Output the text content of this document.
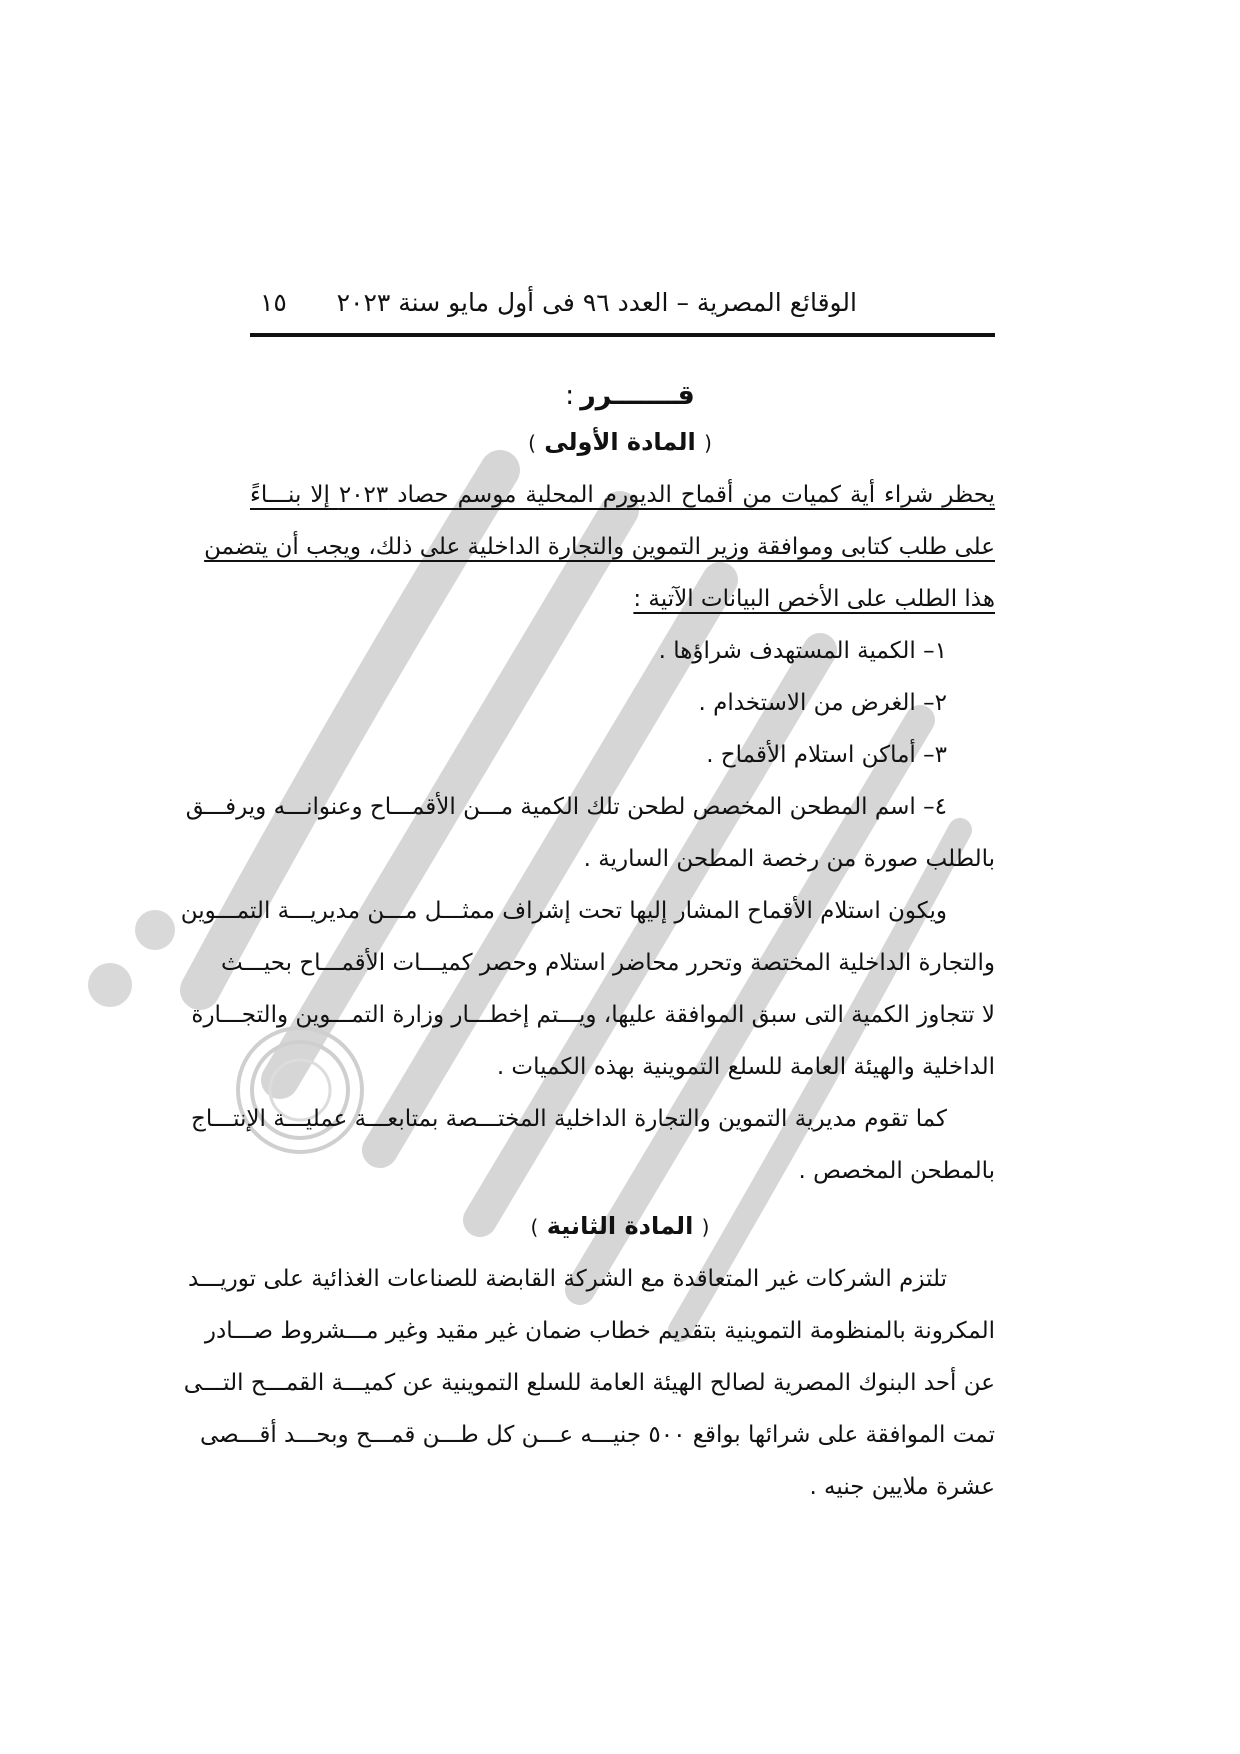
الوقائع المصرية – العدد ٩٦ فى أول مايو سنة ٢٠٢٣
١٥
قـــــــرر:
( المادة الأولى )
يحظر شراء أية كميات من أقماح الديورم المحلية موسم حصاد ٢٠٢٣ إلا بنـــاءً
على طلب كتابى وموافقة وزير التموين والتجارة الداخلية على ذلك، ويجب أن يتضمن
هذا الطلب على الأخص البيانات الآتية :
١– الكمية المستهدف شراؤها .
٢– الغرض من الاستخدام .
٣– أماكن استلام الأقماح .
٤– اسم المطحن المخصص لطحن تلك الكمية مـــن الأقمـــاح وعنوانـــه ويرفـــق
بالطلب صورة من رخصة المطحن السارية .
ويكون استلام الأقماح المشار إليها تحت إشراف ممثـــل مـــن مديريـــة التمـــوين
والتجارة الداخلية المختصة وتحرر محاضر استلام وحصر كميـــات الأقمـــاح بحيـــث
لا تتجاوز الكمية التى سبق الموافقة عليها، ويـــتم إخطـــار وزارة التمـــوين والتجـــارة
الداخلية والهيئة العامة للسلع التموينية بهذه الكميات .
كما تقوم مديرية التموين والتجارة الداخلية المختـــصة بمتابعـــة عمليـــة الإنتـــاج
بالمطحن المخصص .
( المادة الثانية )
تلتزم الشركات غير المتعاقدة مع الشركة القابضة للصناعات الغذائية على توريـــد
المكرونة بالمنظومة التموينية بتقديم خطاب ضمان غير مقيد وغير مـــشروط صـــادر
عن أحد البنوك المصرية لصالح الهيئة العامة للسلع التموينية عن كميـــة القمـــح التـــى
تمت الموافقة على شرائها بواقع ٥٠٠ جنيـــه عـــن كل طـــن قمـــح وبحـــد أقـــصى
عشرة ملايين جنيه .
